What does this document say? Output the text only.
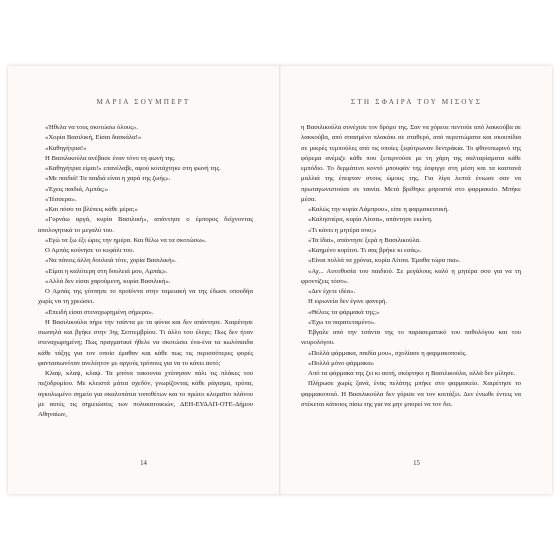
ΜΑΡΙΑ ΣΟΥΜΠΕΡΤ

«Ήθελα να τους σκοτώσω όλους».

«Χορία Βασιλική, Είσαι δασκάλα!»

«Καθηγήτρια!»

Η Βασιλικούλα ανέβασε έναν τόνο τη φωνή της.

«Καθηγήτρια είμαι!» επανέλαβε, αφού κοιτάχτηκε στη φωνή της.

«Με παιδιά! Τα παιδιά είναι η χαρά της ζωής».

«Έχεις παιδιά, Αμπάς;»

«Τέσσερα».

«Και πόσο τα βλέπεις κάθε μέρα;»

«Γυρνάω αργά, κυρία Βασιλική», απάντησε ο έμπορος δείχνοντας απολογητικά το μεγαλύ του.

«Εγώ τα ξω έξι ώρες την ημέρα. Και θέλω να τα σκοτώσω».

Ο Αμπάς κούνησε το κεφάλι του.

«Να πάνεις άλλη δουλειά τότε, χορία Βασιλική».

«Είμαι η καλύτερη στη δουλειά μου, Αμπάς».

«Αλλά δεν είσαι χαρούμενη, κυρία Βασιλική».

Ο Αμπάς της γύτπησε το προϊόντα στην ταμειακή να της έδωσε οπουδήα χωρίς να τη χρεώσει.

«Επειδή είσαι στεναχωρημένη σήμερα».

Η Βασιλικούλα πήρε την τσάντα με τα φύνια και δεν απάντησε. Χαιρέτησε σιωπηλά και βγήκε στην 3ης Σεπτεμβρίου. Τι άλλο του έλεγε; Πως δεν ήταν στεναχωρημένη; Πως πραγματικά ήθελε να σκοτώσει ένα-ένα τα κωλόπαιδα κάθε τάξης για τον οποίο έμαθαν και κάθε πως τις περισσότερες φορές φαντασιωνόταν ανελέητον με αργούς τρόπους για να το κάνει αυτό;

Κλαψ, κλαψ, κλαψ. Τα μπότα τακουνια χτύπησαν πάλι τις πλάκες του πεζοδρομίου. Με κλειστά μάτια σχεδόν, γνωρίζοντας κάθε ράγισμα, τρύπα, αγκυλωμένο σημείο για σκαλοπάτια τοποθέτων και το πρώτο κλομαϊτο πλάνου με αυτές τις σημειώσεις των πολυκατοικιών, ΔΕΗ-ΕΥΔΑΠ-ΟΤΕ-Δήμου Αθηναίων,

14
ΣΤΗ ΣΦΑΙΡΑ ΤΟΥ ΜΙΣΟΥΣ

η Βασιλικούλα συνέχισε τον δρόμο της. Σαν να χόρευε πεντούε από λακκούβα σε λακκούβα, από σπασμένο πλακάκι σε σταθερό, από περιπτώματα και σκουπίδια σε μικρές τεμπούλες από τις οποίες ξεφύτρωναν δεντράκια. Το φθινοπωρινό της φόρεμα ανέμιζε κάθε που ξεπερνούσε με τη χάρη της σαλταρίσματα κάθε εμπόδιο. Το δερμάτινο κοντό μπουφάν της έσφιγγε στη μέση και τα καστανά μαλλιά της έπεφταν στους ώμους της. Για λίγα λεπτά ένιωσε σαν να πρωταγωνιστούσε σε ταινία. Μετά βρέθηκε μπροστά στο φαρμακείο. Μπήκε μέσα.

«Καλώς την κυρία Λάμπρου», είπε η φαρμακευτική.

«Καλησπέρα, κυρία Λίτσα», απάντησε εκείνη.

«Τι κάνει η μητέρα σου;»

«Τα ίδια», απάντησε ξερά η Βασιλικούλα.

«Καημένο κορίτσι. Τι σας βρήκε κι εσάς».

«Είναι πολλά τα χρόνια, κυρία Λίτσα. Έμαθα τώρα πια».

«Αχ... Αυτοθυσία του παιδιού. Σε μεγάλους καλό η μητέρα σου για να τη φροντίζεις τόσο».

«Δεν έχετε ιδέα».

Η ειρωνεία δεν έγινε φανερή.

«Θέλεις τα φάρμακά της;»

«Έχω το παρατεταμένο».

Έβγαλε από την τσάντα της το παρασεματικό του παθολόγου και του νευρολόγου.

«Πολλά φάρμακα, παιδία μου», σχολίασε η φαρμακοποιός.

«Πολλά μόνο φάρμακα»

Από τα φάρμακα της ζει κι αυτή, σκέφτηκε η Βασιλικούλα, αλλά δεν μίλησε.

Πλήρωσε χωρίς ξανά, ένας πελάτης μπήκε στο φαρμακείο. Χαιρέτησε το φαρμακοποιό. Η Βασιλικούλα δεν γύρισε να τον κοιτάξει. Δεν ένιωθε έντεις να στέκεται κάποιος πίσω της για να μην μπορεί να τον δει.

15
